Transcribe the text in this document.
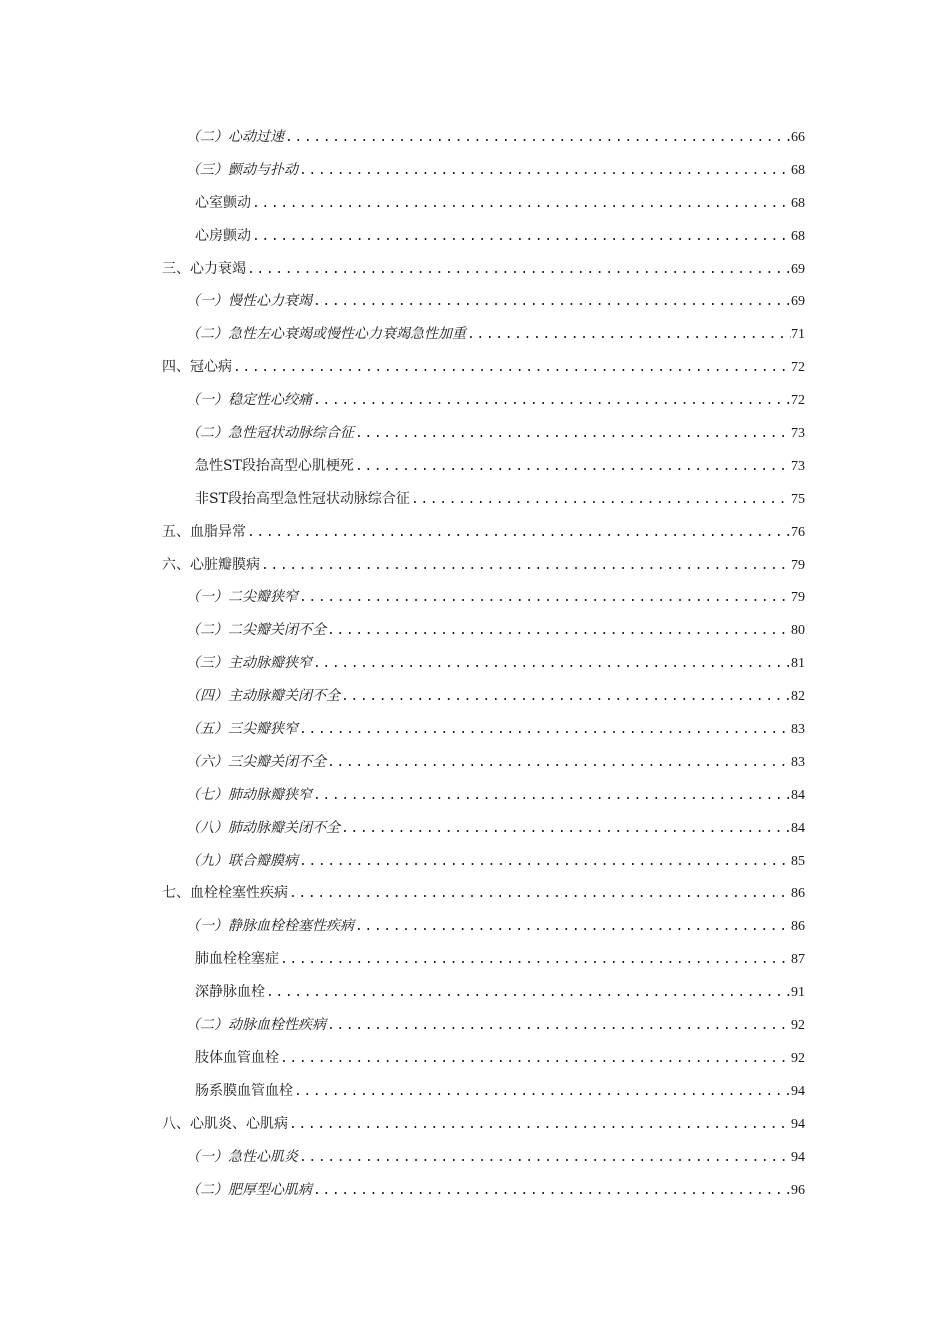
（二）心动过速 .....	66
（三）颤动与扑动 .....	68
心室颤动 .....	68
心房颤动 .....	68
三、心力衰竭 .....	69
（一）慢性心力衰竭 .....	69
（二）急性左心衰竭或慢性心力衰竭急性加重 .....	71
四、冠心病 .....	72
（一）稳定性心绞痛 .....	72
（二）急性冠状动脉综合征 .....	73
急性ST段抬高型心肌梗死 .....	73
非ST段抬高型急性冠状动脉综合征 .....	75
五、血脂异常 .....	76
六、心脏瓣膜病 .....	79
（一）二尖瓣狭窄 .....	79
（二）二尖瓣关闭不全 .....	80
（三）主动脉瓣狭窄 .....	81
（四）主动脉瓣关闭不全 .....	82
（五）三尖瓣狭窄 .....	83
（六）三尖瓣关闭不全 .....	83
（七）肺动脉瓣狭窄 .....	84
（八）肺动脉瓣关闭不全 .....	84
（九）联合瓣膜病 .....	85
七、血栓栓塞性疾病 .....	86
（一）静脉血栓栓塞性疾病 .....	86
肺血栓栓塞症 .....	87
深静脉血栓 .....	91
（二）动脉血栓性疾病 .....	92
肢体血管血栓 .....	92
肠系膜血管血栓 .....	94
八、心肌炎、心肌病 .....	94
（一）急性心肌炎 .....	94
（二）肥厚型心肌病 .....	96
